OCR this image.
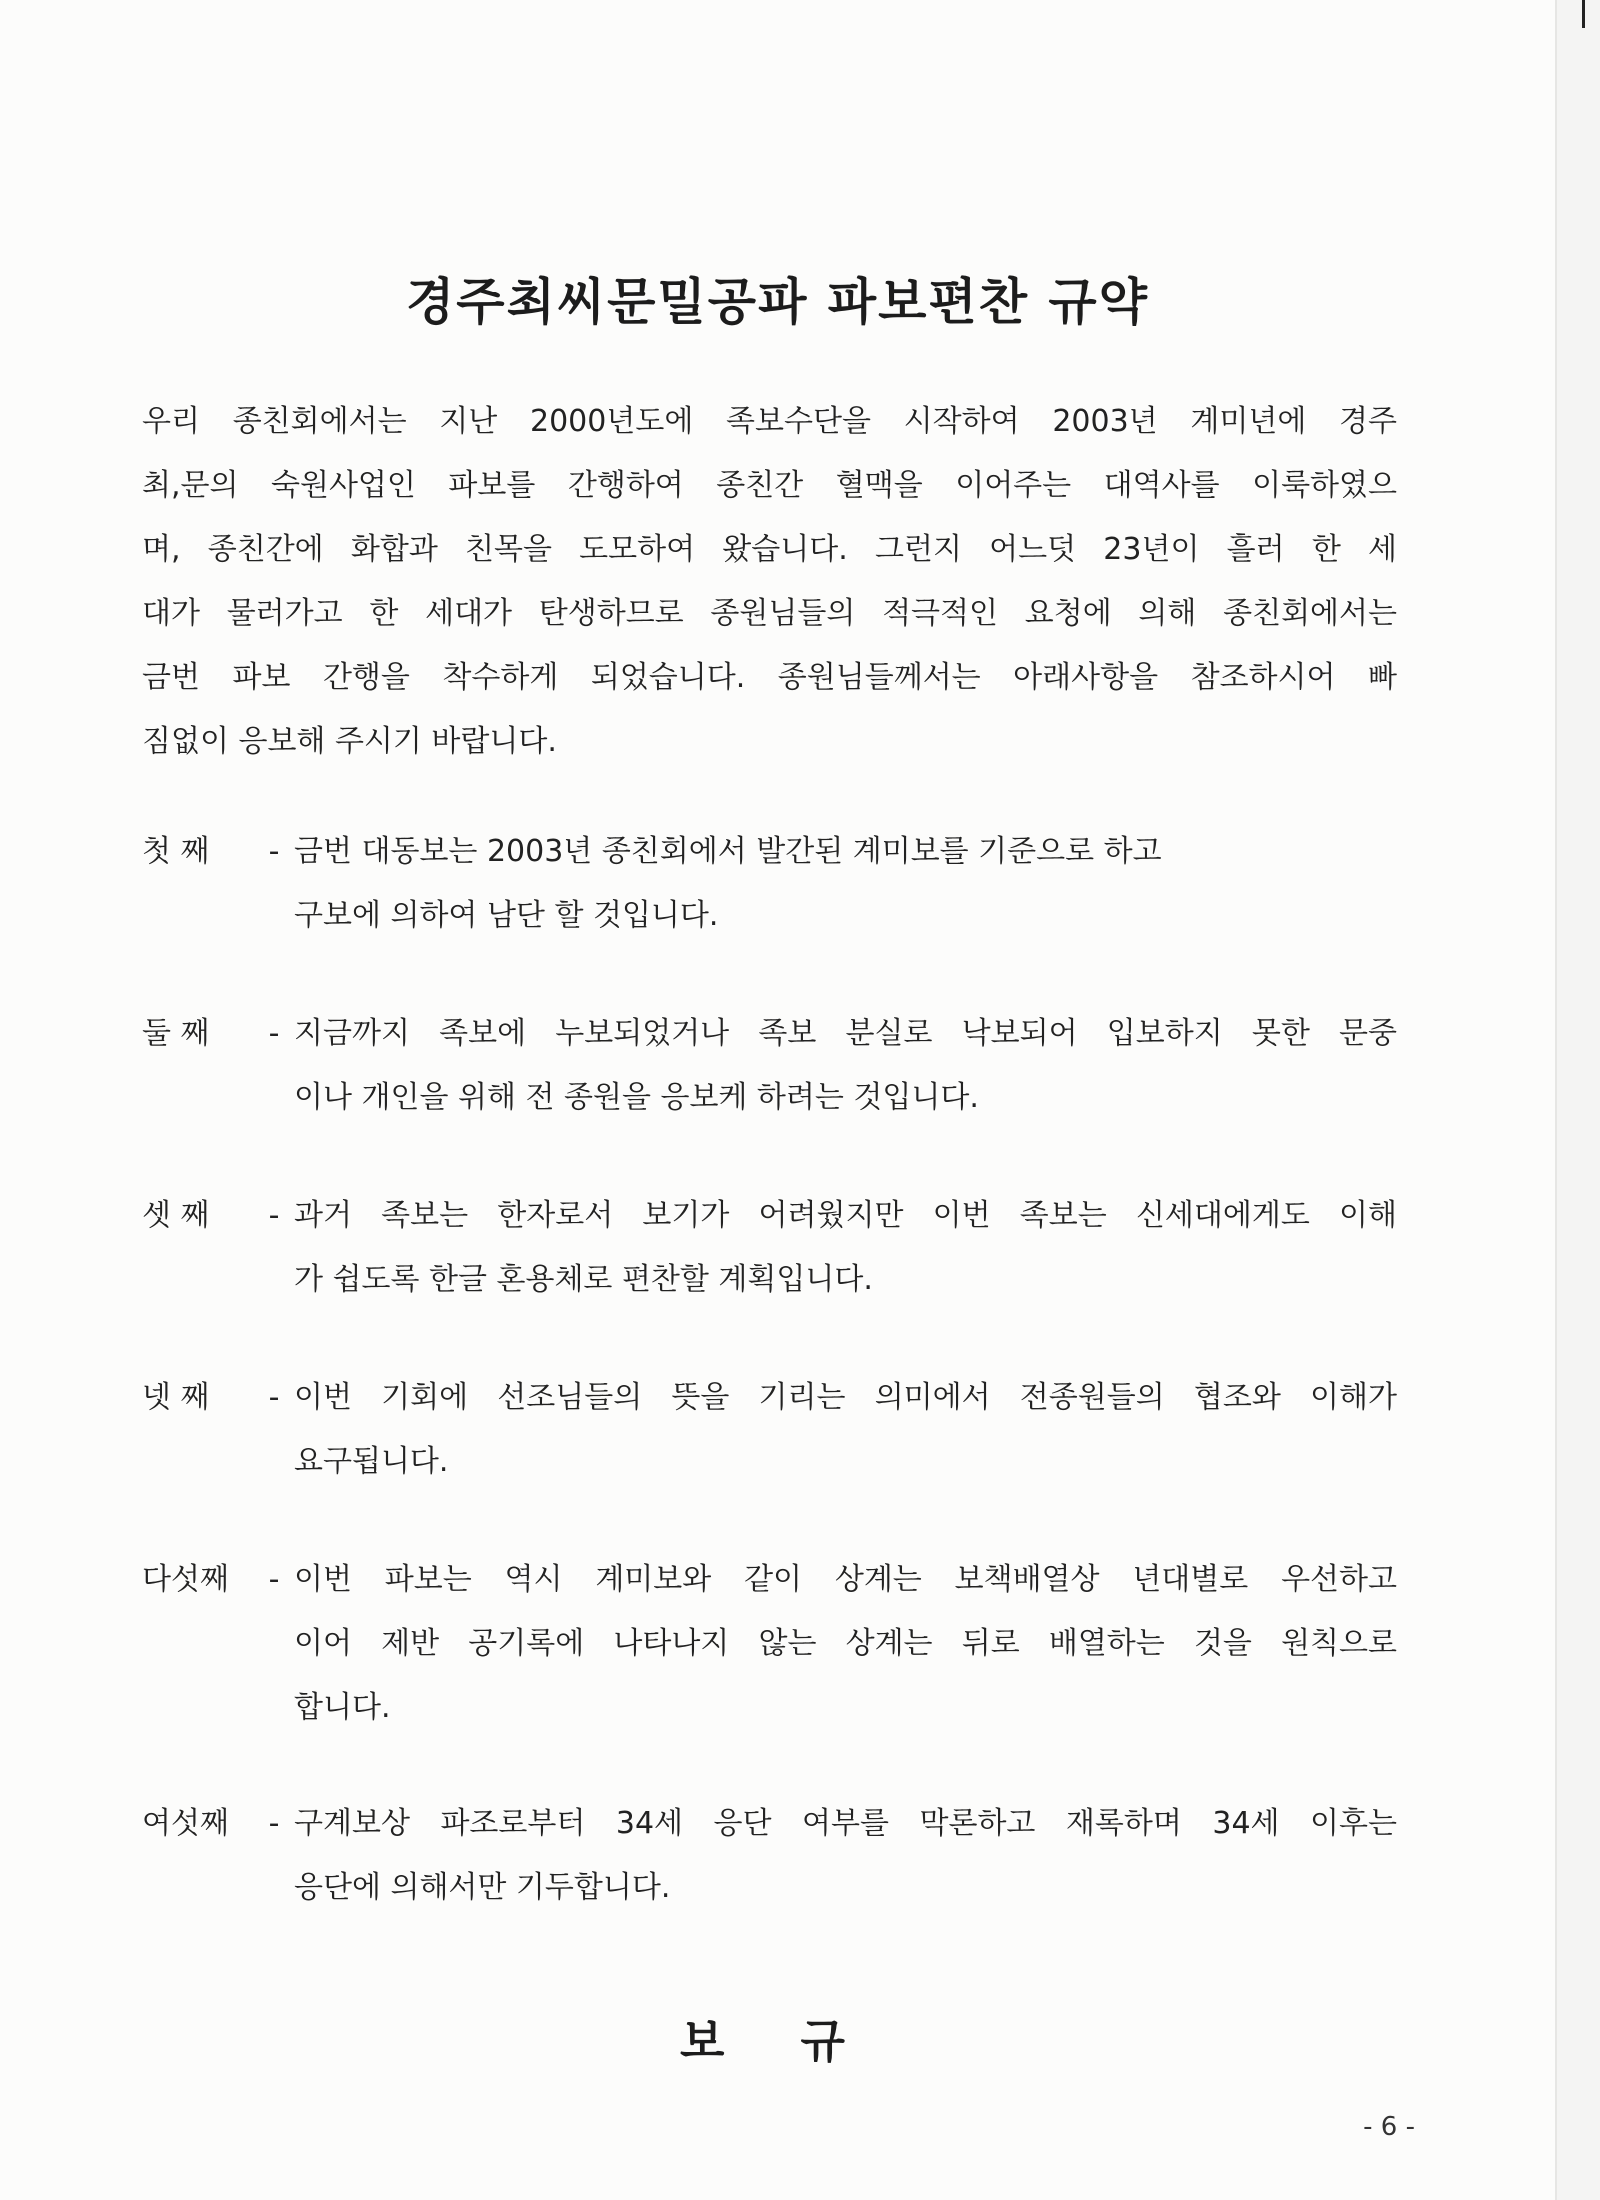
경주최씨문밀공파 파보편찬 규약
우리 종친회에서는 지난 2000년도에 족보수단을 시작하여 2003년 계미년에 경주
최,문의 숙원사업인 파보를 간행하여 종친간 혈맥을 이어주는 대역사를 이룩하였으
며, 종친간에 화합과 친목을 도모하여 왔습니다. 그런지 어느덧 23년이 흘러 한 세
대가 물러가고 한 세대가 탄생하므로 종원님들의 적극적인 요청에 의해 종친회에서는
금번 파보 간행을 착수하게 되었습니다. 종원님들께서는 아래사항을 참조하시어 빠
짐없이 응보해 주시기 바랍니다.
첫 째	- 금번 대동보는 2003년 종친회에서 발간된 계미보를 기준으로 하고
구보에 의하여 남단 할 것입니다.
둘 째	- 지금까지 족보에 누보되었거나 족보 분실로 낙보되어 입보하지 못한 문중
이나 개인을 위해 전 종원을 응보케 하려는 것입니다.
셋 째	- 과거 족보는 한자로서 보기가 어려웠지만 이번 족보는 신세대에게도 이해
가 쉽도록 한글 혼용체로 편찬할 계획입니다.
넷 째	- 이번 기회에 선조님들의 뜻을 기리는 의미에서 전종원들의 협조와 이해가
요구됩니다.
다섯째	- 이번 파보는 역시 계미보와 같이 상계는 보책배열상 년대별로 우선하고
이어 제반 공기록에 나타나지 않는 상계는 뒤로 배열하는 것을 원칙으로
합니다.
여섯째	- 구계보상 파조로부터 34세 응단 여부를 막론하고 재록하며 34세 이후는
응단에 의해서만 기두합니다.
보 규
- 6 -
